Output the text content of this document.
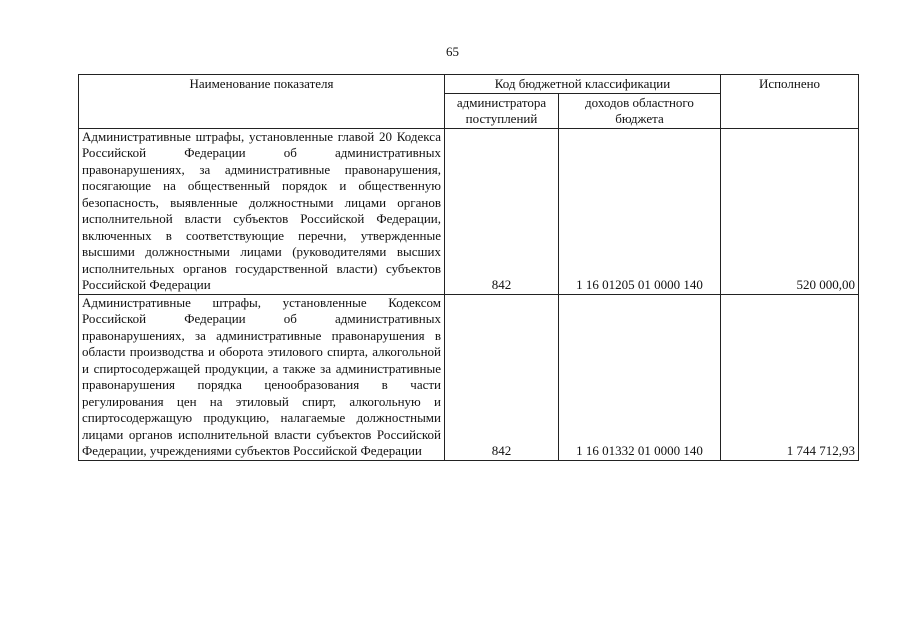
65
Наименование показателя	Код бюджетной классификации		Исполнено
	администратора поступлений	доходов областного бюджета	
Административные штрафы, установленные главой 20 Кодекса Российской Федерации об административных правонарушениях, за административные правонарушения, посягающие на общественный порядок и общественную безопасность, выявленные должностными лицами органов исполнительной власти субъектов Российской Федерации, включенных в соответствующие перечни, утвержденные высшими должностными лицами (руководителями высших исполнительных органов государственной власти) субъектов Российской Федерации	842	1 16 01205 01 0000 140	520 000,00
Административные штрафы, установленные Кодексом Российской Федерации об административных правонарушениях, за административные правонарушения в области производства и оборота этилового спирта, алкогольной и спиртосодержащей продукции, а также за административные правонарушения порядка ценообразования в части регулирования цен на этиловый спирт, алкогольную и спиртосодержащую продукцию, налагаемые должностными лицами органов исполнительной власти субъектов Российской Федерации, учреждениями субъектов Российской Федерации	842	1 16 01332 01 0000 140	1 744 712,93
